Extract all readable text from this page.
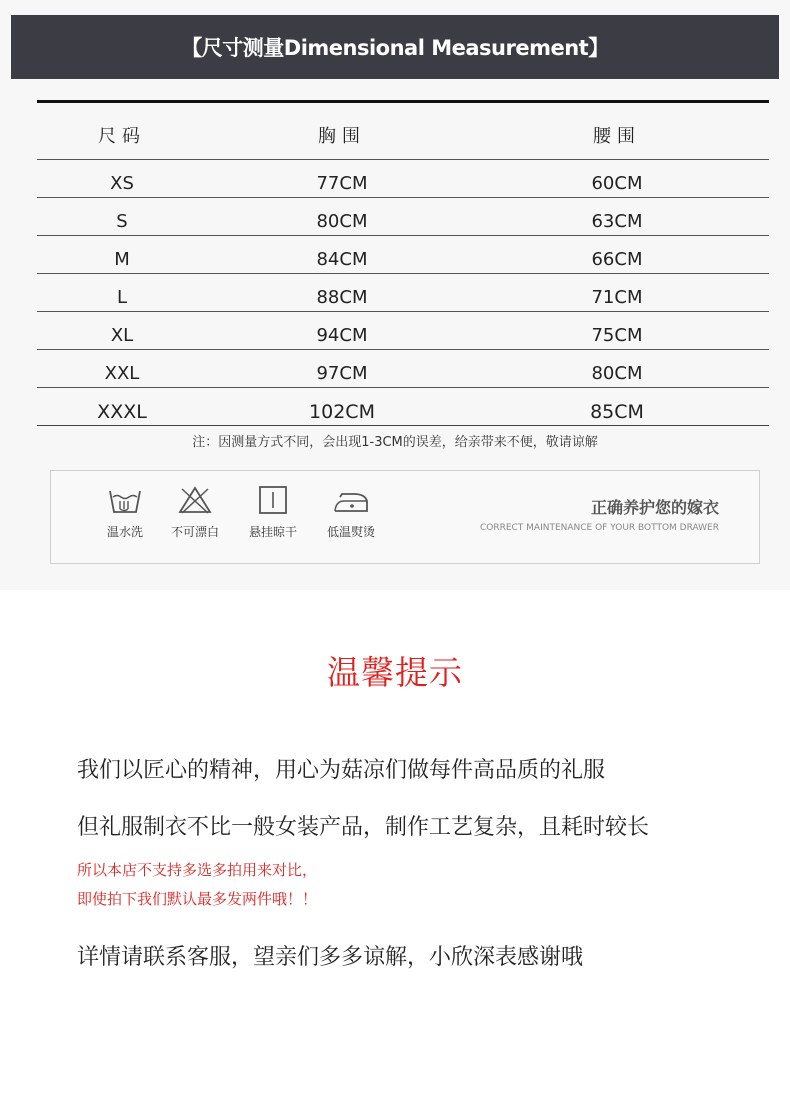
【尺寸测量Dimensional Measurement】
尺码	胸围	腰围
XS	77CM	60CM
S	80CM	63CM
M	84CM	66CM
L	88CM	71CM
XL	94CM	75CM
XXL	97CM	80CM
XXXL	102CM	85CM
注：因测量方式不同，会出现1-3CM的误差，给亲带来不便，敬请谅解
温水洗	不可漂白	悬挂晾干	低温熨烫
正确养护您的嫁衣
CORRECT MAINTENANCE OF YOUR BOTTOM DRAWER
温馨提示
我们以匠心的精神，用心为菇凉们做每件高品质的礼服
但礼服制衣不比一般女装产品，制作工艺复杂，且耗时较长
所以本店不支持多选多拍用来对比，
即使拍下我们默认最多发两件哦！！
详情请联系客服，望亲们多多谅解，小欣深表感谢哦
